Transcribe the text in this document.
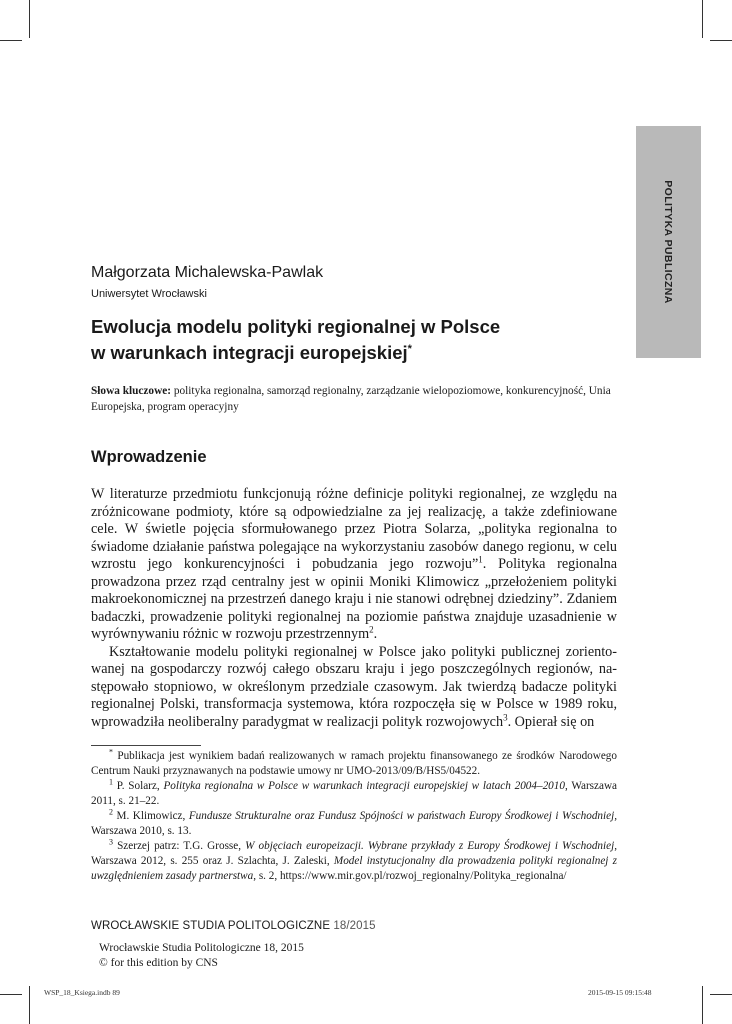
POLITYKA PUBLICZNA
Małgorzata Michalewska-Pawlak
Uniwersytet Wrocławski
Ewolucja modelu polityki regionalnej w Polsce
w warunkach integracji europejskiej*
Słowa kluczowe: polityka regionalna, samorząd regionalny, zarządzanie wielopoziomowe, konkurencyjność, Unia Europejska, program operacyjny
Wprowadzenie

W literaturze przedmiotu funkcjonują różne definicje polityki regionalnej, ze względu na zróżnicowane podmioty, które są odpowiedzialne za jej realizację, a także zdefiniowane cele. W świetle pojęcia sformułowanego przez Piotra Solarza, „polityka regionalna to świadome działanie państwa polegające na wykorzystaniu zasobów danego regionu, w celu wzrostu jego konkurencyjności i pobudzania jego rozwoju”$^1$. Polityka regionalna prowadzona przez rząd centralny jest w opinii Moniki Klimowicz „przełożeniem polityki makroekonomicznej na przestrzeń danego kraju i nie stanowi odrębnej dziedziny”. Zdaniem badaczki, prowadzenie polityki regionalnej na poziomie państwa znajduje uzasadnienie w wyrównywaniu różnic w rozwoju przestrzennym$^2$.

Kształtowanie modelu polityki regionalnej w Polsce jako polityki publicznej zorientowanej na gospodarczy rozwój całego obszaru kraju i jego poszczególnych regionów, następowało stopniowo, w określonym przedziale czasowym. Jak twierdzą badacze polityki regionalnej Polski, transformacja systemowa, która rozpoczęła się w Polsce w 1989 roku, wprowadziła neoliberalny paradygmat w realizacji polityk rozwojowych$^3$. Opierał się on

* Publikacja jest wynikiem badań realizowanych w ramach projektu finansowanego ze środków Narodowego Centrum Nauki przyznawanych na podstawie umowy nr UMO-2013/09/B/HS5/04522.

$^1$ P. Solarz, Polityka regionalna w Polsce w warunkach integracji europejskiej w latach 2004–2010, Warszawa 2011, s. 21–22.

$^2$ M. Klimowicz, Fundusze Strukturalne oraz Fundusz Spójności w państwach Europy Środkowej i Wschodniej, Warszawa 2010, s. 13.

$^3$ Szerzej patrz: T.G. Grosse, W objęciach europeizacji. Wybrane przykłady z Europy Środkowej i Wschodniej, Warszawa 2012, s. 255 oraz J. Szlachta, J. Zaleski, Model instytucjonalny dla prowadzenia polityki regionalnej z uwzględnieniem zasady partnerstwa, s. 2, https://www.mir.gov.pl/rozwoj_regionalny/Polityka_regionalna/

WROCŁAWSKIE STUDIA POLITOLOGICZNE 18/2015
Wrocławskie Studia Politologiczne 18, 2015
© for this edition by CNS
WSP_18_Ksiega.indb 89	2015-09-15 09:15:48
